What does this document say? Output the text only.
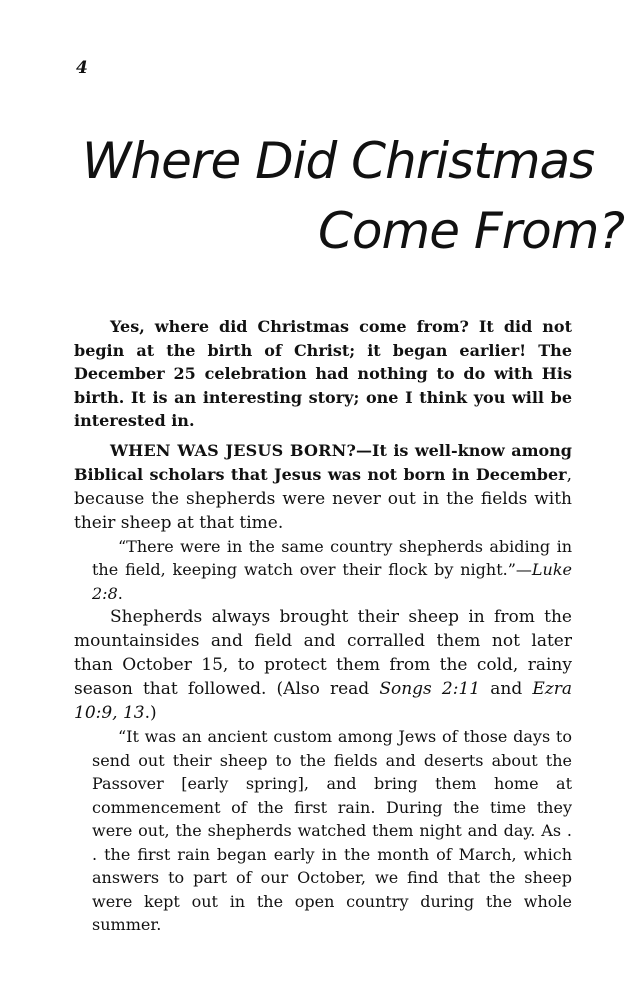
4
Where Did Christmas
Come From?

Yes, where did Christmas come from? It did not begin at the birth of Christ; it began earlier! The December 25 celebration had nothing to do with His birth. It is an interesting story; one I think you will be interested in.

WHEN WAS JESUS BORN?—It is well-know among Biblical scholars that Jesus was not born in December, because the shepherds were never out in the fields with their sheep at that time.

“There were in the same country shepherds abiding in the field, keeping watch over their flock by night.”—Luke 2:8.

Shepherds always brought their sheep in from the mountainsides and field and corralled them not later than October 15, to protect them from the cold, rainy season that followed. (Also read Songs 2:11 and Ezra 10:9, 13.)

“It was an ancient custom among Jews of those days to send out their sheep to the fields and deserts about the Passover [early spring], and bring them home at commencement of the first rain. During the time they were out, the shepherds watched them night and day. As . . the first rain began early in the month of March, which answers to part of our October, we find that the sheep were kept out in the open country during the whole summer.
